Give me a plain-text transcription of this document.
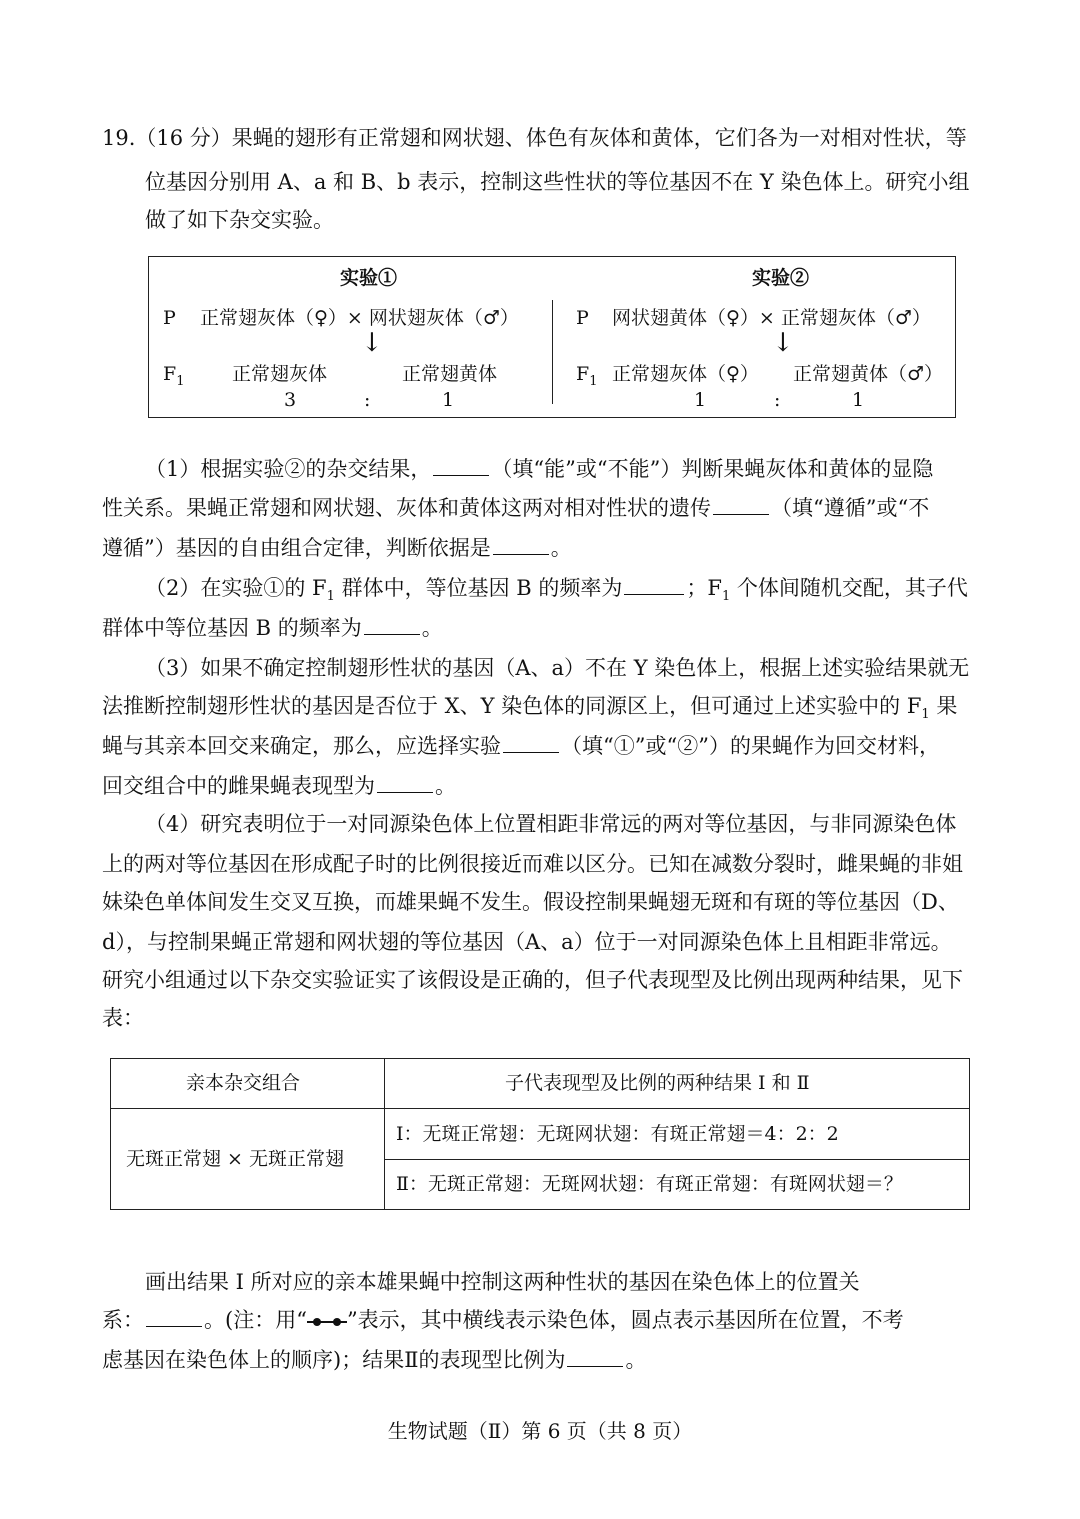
19.（16 分）果蝇的翅形有正常翅和网状翅、体色有灰体和黄体，它们各为一对相对性状，等
位基因分别用 A、a 和 B、b 表示，控制这些性状的等位基因不在 Y 染色体上。研究小组
做了如下杂交实验。
实验①
P 正常翅灰体（♀）× 网状翅灰体（♂）
↓
$F_1$	正常翅灰体	正常翅黄体
3	:	1
实验②
P 网状翅黄体（♀）× 正常翅灰体（♂）
↓
$F_1$ 正常翅灰体（♀） 正常翅黄体（♂）
1	:	1
（1）根据实验②的杂交结果，	（填“能”或“不能”）判断果蝇灰体和黄体的显隐
性关系。果蝇正常翅和网状翅、灰体和黄体这两对相对性状的遗传	（填“遵循”或“不
遵循”）基因的自由组合定律，判断依据是	。
（2）在实验①的 $F_1$ 群体中，等位基因 B 的频率为	；$F_1$ 个体间随机交配，其子代
群体中等位基因 B 的频率为	。
（3）如果不确定控制翅形性状的基因（A、a）不在 Y 染色体上，根据上述实验结果就无
法推断控制翅形性状的基因是否位于 X、Y 染色体的同源区上，但可通过上述实验中的 $F_1$ 果
蝇与其亲本回交来确定，那么，应选择实验	（填“①”或“②”）的果蝇作为回交材料，
回交组合中的雌果蝇表现型为	。
（4）研究表明位于一对同源染色体上位置相距非常远的两对等位基因，与非同源染色体
上的两对等位基因在形成配子时的比例很接近而难以区分。已知在减数分裂时，雌果蝇的非姐
妹染色单体间发生交叉互换，而雄果蝇不发生。假设控制果蝇翅无斑和有斑的等位基因（D、
d），与控制果蝇正常翅和网状翅的等位基因（A、a）位于一对同源染色体上且相距非常远。
研究小组通过以下杂交实验证实了该假设是正确的，但子代表现型及比例出现两种结果，见下
表：
亲本杂交组合	子代表现型及比例的两种结果 Ⅰ 和 Ⅱ
无斑正常翅 × 无斑正常翅
Ⅰ：无斑正常翅：无斑网状翅：有斑正常翅＝4：2：2
Ⅱ：无斑正常翅：无斑网状翅：有斑正常翅：有斑网状翅＝？
画出结果 Ⅰ 所对应的亲本雄果蝇中控制这两种性状的基因在染色体上的位置关
系：	。(注：用“ ”表示，其中横线表示染色体，圆点表示基因所在位置，不考
虑基因在染色体上的顺序)；结果Ⅱ的表现型比例为	。
生物试题（Ⅱ）第 6 页（共 8 页）
